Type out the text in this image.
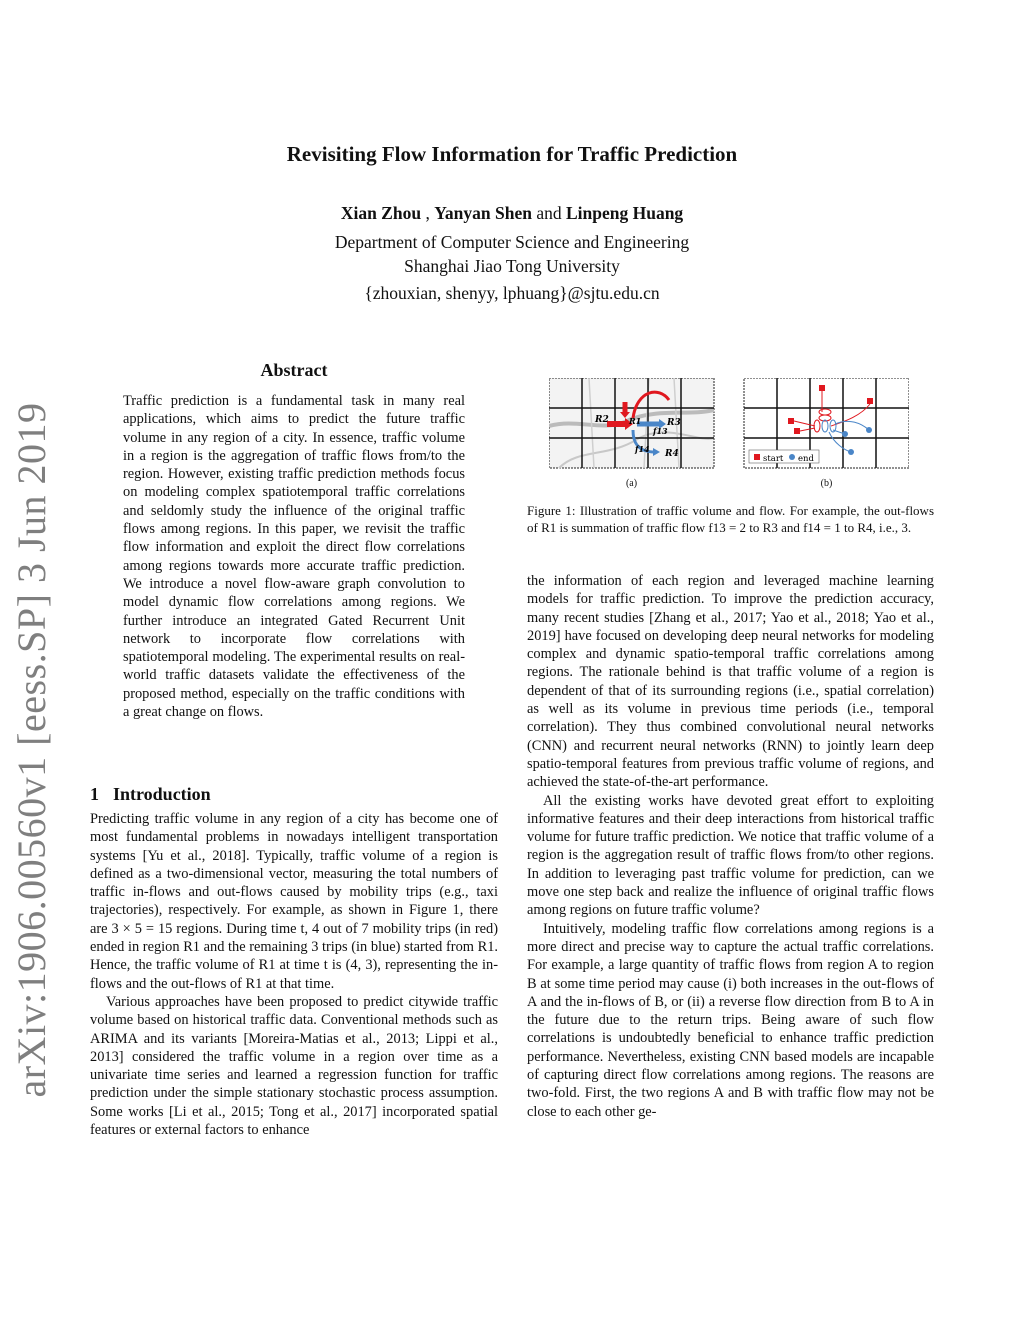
Revisiting Flow Information for Traffic Prediction
Xian Zhou , Yanyan Shen and Linpeng Huang
Department of Computer Science and Engineering
Shanghai Jiao Tong University
{zhouxian, shenyy, lphuang}@sjtu.edu.cn
arXiv:1906.00560v1 [eess.SP] 3 Jun 2019
Abstract
Traffic prediction is a fundamental task in many real applications, which aims to predict the future traffic volume in any region of a city. In essence, traffic volume in a region is the aggregation of traffic flows from/to the region. However, existing traffic prediction methods focus on modeling complex spatiotemporal traffic correlations and seldomly study the influence of the original traffic flows among regions. In this paper, we revisit the traffic flow information and exploit the direct flow correlations among regions towards more accurate traffic prediction. We introduce a novel flow-aware graph convolution to model dynamic flow correlations among regions. We further introduce an integrated Gated Recurrent Unit network to incorporate flow correlations with spatiotemporal modeling. The experimental results on real-world traffic datasets validate the effectiveness of the proposed method, especially on the traffic conditions with a great change on flows.
1 Introduction

Predicting traffic volume in any region of a city has become one of most fundamental problems in nowadays intelligent transportation systems [Yu et al., 2018]. Typically, traffic volume of a region is defined as a two-dimensional vector, measuring the total numbers of traffic in-flows and out-flows caused by mobility trips (e.g., taxi trajectories), respectively. For example, as shown in Figure 1, there are 3 × 5 = 15 regions. During time t, 4 out of 7 mobility trips (in red) ended in region R1 and the remaining 3 trips (in blue) started from R1. Hence, the traffic volume of R1 at time t is (4, 3), representing the in-flows and the out-flows of R1 at that time.

Various approaches have been proposed to predict citywide traffic volume based on historical traffic data. Conventional methods such as ARIMA and its variants [Moreira-Matias et al., 2013; Lippi et al., 2013] considered the traffic volume in a region over time as a univariate time series and learned a regression function for traffic prediction under the simple stationary stochastic process assumption. Some works [Li et al., 2015; Tong et al., 2017] incorporated spatial features or external factors to enhance

R2	R1	R3
R4
f13
f14
start end
(a)	(b)
Figure 1: Illustration of traffic volume and flow. For example, the out-flows of R1 is summation of traffic flow f13 = 2 to R3 and f14 = 1 to R4, i.e., 3.

the information of each region and leveraged machine learning models for traffic prediction. To improve the prediction accuracy, many recent studies [Zhang et al., 2017; Yao et al., 2018; Yao et al., 2019] have focused on developing deep neural networks for modeling complex and dynamic spatio-temporal traffic correlations among regions. The rationale behind is that traffic volume of a region is dependent of that of its surrounding regions (i.e., spatial correlation) as well as its volume in previous time periods (i.e., temporal correlation). They thus combined convolutional neural networks (CNN) and recurrent neural networks (RNN) to jointly learn deep spatio-temporal features from previous traffic volume of regions, and achieved the state-of-the-art performance.

All the existing works have devoted great effort to exploiting informative features and their deep interactions from historical traffic volume for future traffic prediction. We notice that traffic volume of a region is the aggregation result of traffic flows from/to other regions. In addition to leveraging past traffic volume for prediction, can we move one step back and realize the influence of original traffic flows among regions on future traffic volume?

Intuitively, modeling traffic flow correlations among regions is a more direct and precise way to capture the actual traffic correlations. For example, a large quantity of traffic flows from region A to region B at some time period may cause (i) both increases in the out-flows of A and the in-flows of B, or (ii) a reverse flow direction from B to A in the future due to the return trips. Being aware of such flow correlations is undoubtedly beneficial to enhance traffic prediction performance. Nevertheless, existing CNN based models are incapable of capturing direct flow correlations among regions. The reasons are two-fold. First, the two regions A and B with traffic flow may not be close to each other ge-
